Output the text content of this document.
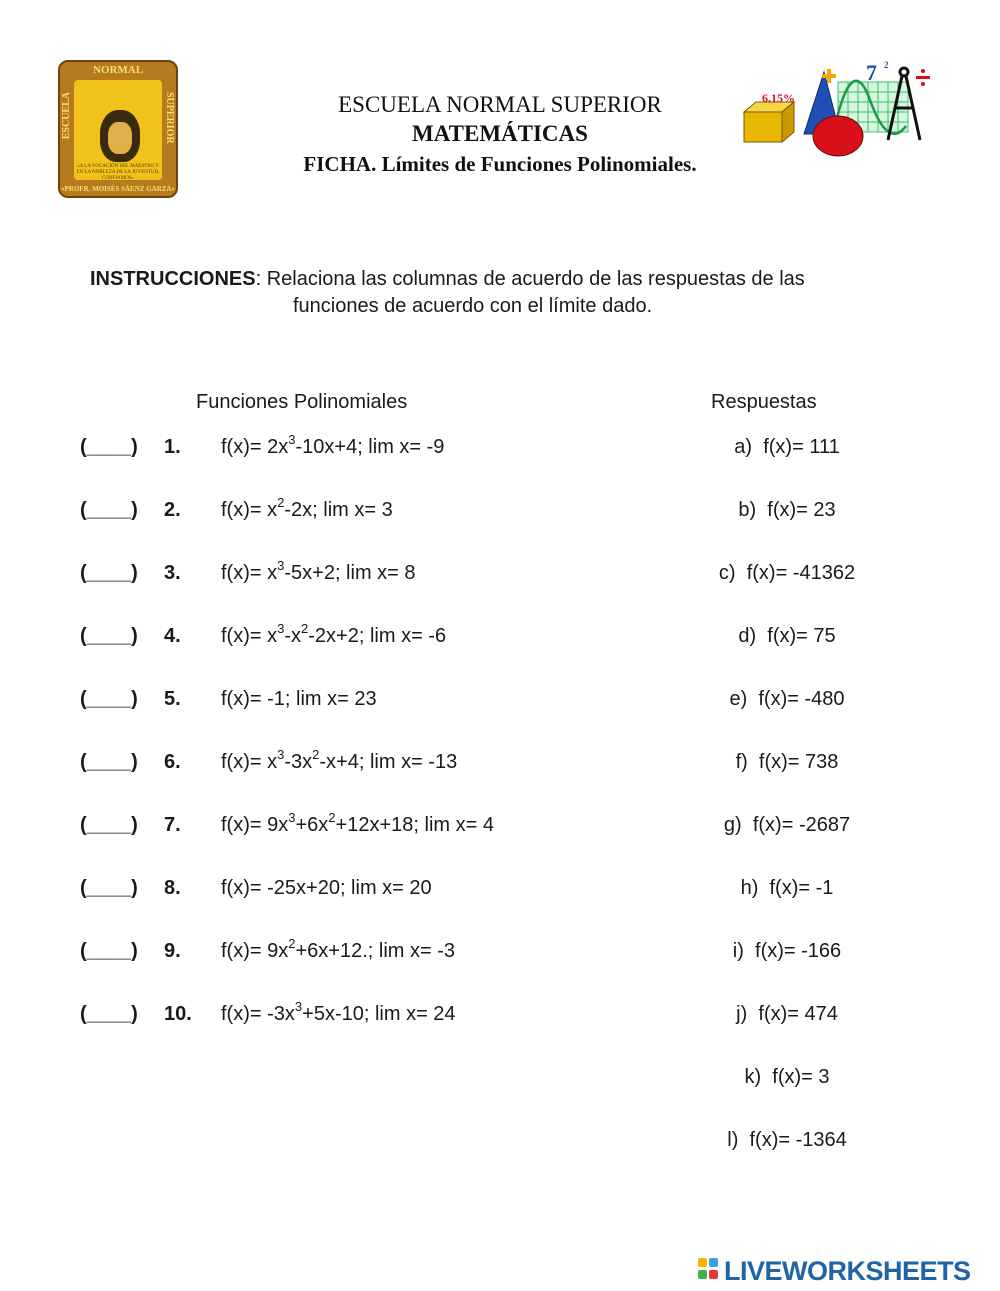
NORMAL
ESCUELA	SUPERIOR
«A LA VOCACIÓN DEL MAESTRO Y EN LA NOBLEZA DE LA JUVENTUD, CONFIAMOS»
«PROFR. MOISÉS SÁENZ GARZA»
ESCUELA NORMAL SUPERIOR
MATEMÁTICAS
FICHA. Límites de Funciones Polinomiales.
6.15%
7 2
INSTRUCCIONES: Relaciona las columnas de acuerdo de las respuestas de las
funciones de acuerdo con el límite dado.
Funciones Polinomiales	Respuestas
(____) 1. $f(x)= 2x^3-10x+4$; lim x= -9
(____) 2. $f(x)= x^2-2x$; lim x= 3
(____) 3. $f(x)= x^3-5x+2$; lim x= 8
(____) 4. $f(x)= x^3-x^2-2x+2$; lim x= -6
(____) 5. f(x)= -1; lim x= 23
(____) 6. $f(x)= x^3-3x^2-x+4$; lim x= -13
(____) 7. $f(x)= 9x^3+6x^2+12x+18$; lim x= 4
(____) 8. f(x)= -25x+20; lim x= 20
(____) 9. $f(x)= 9x^2+6x+12$.; lim x= -3
(____) 10. $f(x)= -3x^3+5x-10$; lim x= 24
a) f(x)= 111
b) f(x)= 23
c) f(x)= -41362
d) f(x)= 75
e) f(x)= -480
f) f(x)= 738
g) f(x)= -2687
h) f(x)= -1
i) f(x)= -166
j) f(x)= 474
k) f(x)= 3
l) f(x)= -1364
LIVEWORKSHEETS
